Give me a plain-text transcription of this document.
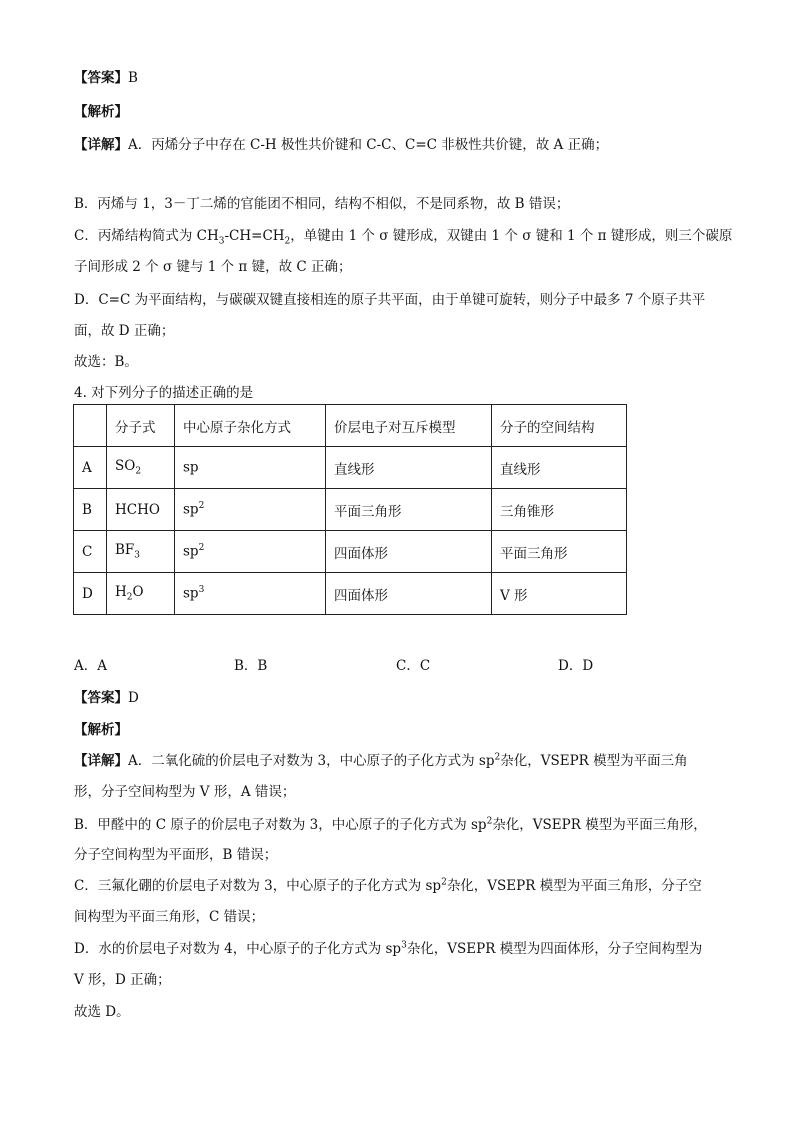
【答案】B
【解析】
【详解】A．丙烯分子中存在 C-H 极性共价键和 C-C、C=C 非极性共价键，故 A 正确；
B．丙烯与 1，3－丁二烯的官能团不相同，结构不相似，不是同系物，故 B 错误；
C．丙烯结构简式为 $CH_3-CH=CH_2$，单键由 1 个 σ 键形成，双键由 1 个 σ 键和 1 个 π 键形成，则三个碳原
子间形成 2 个 σ 键与 1 个 π 键，故 C 正确；
D．C=C 为平面结构，与碳碳双键直接相连的原子共平面，由于单键可旋转，则分子中最多 7 个原子共平
面，故 D 正确；
故选：B。
4. 对下列分子的描述正确的是
	分子式	中心原子杂化方式	价层电子对互斥模型	分子的空间结构
A	$SO_2$	sp	直线形	直线形
B	HCHO	$sp^2$	平面三角形	三角锥形
C	$BF_3$	$sp^2$	四面体形	平面三角形
D	$H_2O$	$sp^3$	四面体形	V 形
A．A	B．B	C．C	D．D
【答案】D
【解析】
【详解】A．二氧化硫的价层电子对数为 3，中心原子的子化方式为 $sp^2$杂化，VSEPR 模型为平面三角
形，分子空间构型为 V 形，A 错误；
B．甲醛中的 C 原子的价层电子对数为 3，中心原子的子化方式为 $sp^2$杂化，VSEPR 模型为平面三角形，
分子空间构型为平面形，B 错误；
C．三氟化硼的价层电子对数为 3，中心原子的子化方式为 $sp^2$杂化，VSEPR 模型为平面三角形，分子空
间构型为平面三角形，C 错误；
D．水的价层电子对数为 4，中心原子的子化方式为 $sp^3$杂化，VSEPR 模型为四面体形，分子空间构型为
V 形，D 正确；
故选 D。
